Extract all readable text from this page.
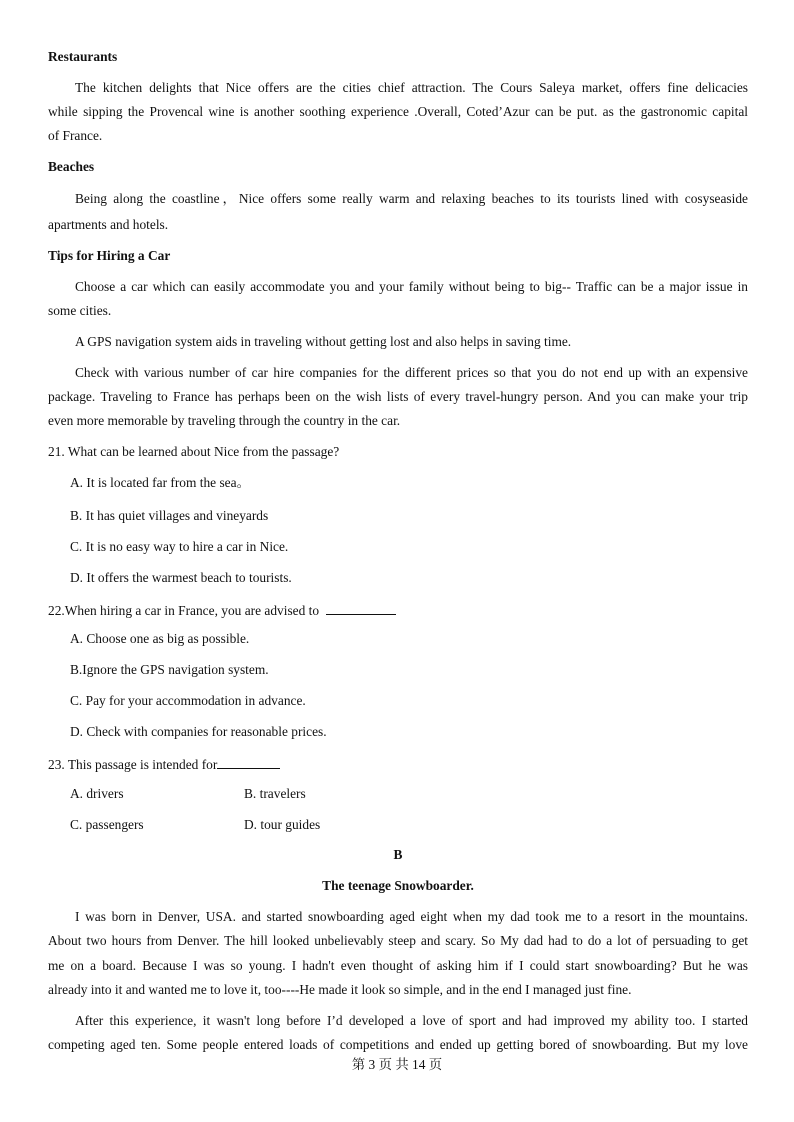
Restaurants
The kitchen delights that Nice offers are the cities chief attraction. The Cours Saleya market, offers fine delicacies
while sipping the Provencal wine is another soothing experience .Overall, Coted’Azur can be put. as the gastronomic capital
of France.
Beaches
Being along the coastline，Nice offers some really warm and relaxing beaches to its tourists lined with cosyseaside
apartments and hotels.
Tips for Hiring a Car
Choose a car which can easily accommodate you and your family without being to big-- Traffic can be a major issue in
some cities.
A GPS navigation system aids in traveling without getting lost and also helps in saving time.
Check with various number of car hire companies for the different prices so that you do not end up with an expensive
package. Traveling to France has perhaps been on the wish lists of every travel-hungry person. And you can make your trip
even more memorable by traveling through the country in the car.
21. What can be learned about Nice from the passage?
A. It is located far from the sea。
B. It has quiet villages and vineyards
C. It is no easy way to hire a car in Nice.
D. It offers the warmest beach to tourists.
22.When hiring a car in France, you are advised to
A. Choose one as big as possible.
B.Ignore the GPS navigation system.
C. Pay for your accommodation in advance.
D. Check with companies for reasonable prices.
23. This passage is intended for
A. drivers	B. travelers
C. passengers	D. tour guides
B
The teenage Snowboarder.
I was born in Denver, USA. and started snowboarding aged eight when my dad took me to a resort in the mountains.
About two hours from Denver. The hill looked unbelievably steep and scary. So My dad had to do a lot of persuading to get
me on a board. Because I was so young. I hadn't even thought of asking him if I could start snowboarding? But he was
already into it and wanted me to love it, too----He made it look so simple, and in the end I managed just fine.
After this experience, it wasn't long before I’d developed a love of sport and had improved my ability too. I started
competing aged ten. Some people entered loads of competitions and ended up getting bored of snowboarding. But my love
第 3 页 共 14 页
